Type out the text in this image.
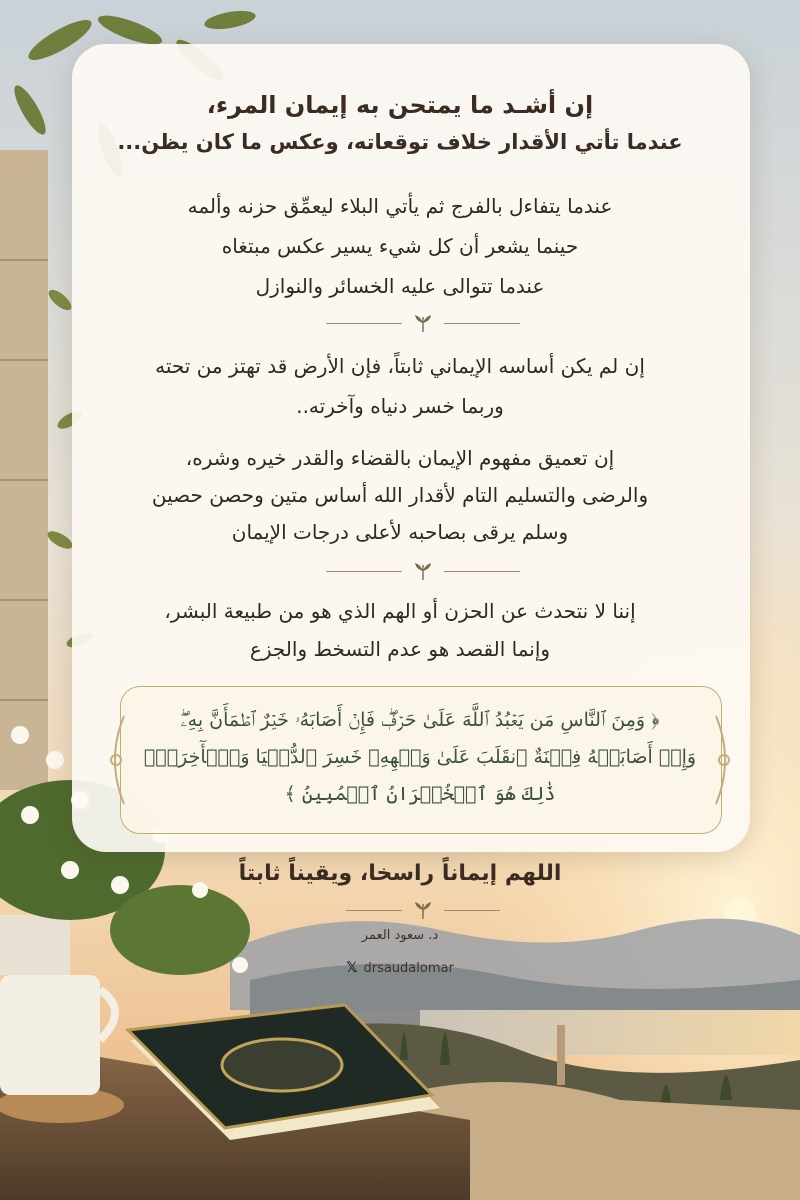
إن أشـد ما يمتحن به إيمان المرء،
عندما تأتي الأقدار خلاف توقعاته، وعكس ما كان يظن...
عندما يتفاءل بالفرج ثم يأتي البلاء ليعمِّق حزنه وألمه
حينما يشعر أن كل شيء يسير عكس مبتغاه
عندما تتوالى عليه الخسائر والنوازل
إن لم يكن أساسه الإيماني ثابتاً، فإن الأرض قد تهتز من تحته
وربما خسر دنياه وآخرته..
إن تعميق مفهوم الإيمان بالقضاء والقدر خيره وشره،
والرضى والتسليم التام لأقدار الله أساس متين وحصن حصين
وسلم يرقى بصاحبه لأعلى درجات الإيمان
إننا لا نتحدث عن الحزن أو الهم الذي هو من طبيعة البشر،
وإنما القصد هو عدم التسخط والجزع
﴿ وَمِنَ ٱلنَّاسِ مَن يَعۡبُدُ ٱللَّهَ عَلَىٰ حَرۡفٖۖ فَإِنۡ أَصَابَهُۥ خَيۡرٌ ٱطۡمَأَنَّ بِهِۦۖ
وَإِنۡ أَصَابَتۡهُ فِتۡنَةٌ ٱنقَلَبَ عَلَىٰ وَجۡهِهِۦ خَسِرَ ٱلدُّنۡيَا وَٱلۡأٓخِرَةَۚ
ذَٰلِكَ هُوَ ٱلۡخُسۡرَانُ ٱلۡمُبِينُ ﴾
اللهم إيماناً راسخا، ويقيناً ثابتاً
د. سعود العمر
𝕏 drsaudalomar
